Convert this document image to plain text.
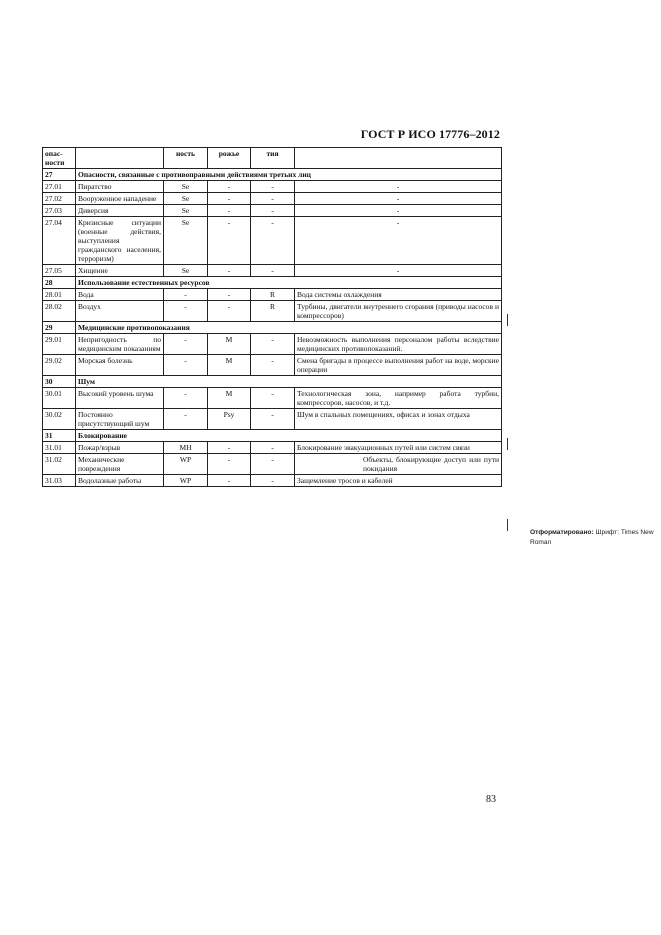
ГОСТ Р ИСО 17776–2012
опас-
ности		ность	рожье	тия	
27	Опасности, связанные с противоправными действиями третьих лиц				
27.01	Пиратство	Se	-	-	-
27.02	Вооруженное нападение	Se	-	-	-
27.03	Диверсия	Se	-	-	-
27.04	Кризисные ситуации (военные действия, выступления гражданского населения, терроризм)	Se	-	-	-
27.05	Хищение	Se	-	-	-
28	Использование естественных ресурсов				
28.01	Вода	-	-	R	Вода системы охлаждения
28.02	Воздух	-	-	R	Турбины, двигатели внутреннего сгорания (приводы насосов и компрессоров)
29	Медицинские противопоказания				
29.01	Непригодность по медицинским показаниям	-	M	-	Невозможность выполнения персоналом работы вследствие медицинских противопоказаний.
29.02	Морская болезнь	-	M	-	Смена бригады в процессе выполнения работ на воде, морские операции
30	Шум				
30.01	Высокий уровень шума	-	M	-	Технологическая зона, например работа турбин, компрессоров, насосов, и т.д.
30.02	Постоянно присутствующий шум	-	Psy	-	Шум в спальных помещениях, офисах и зонах отдыха
31	Блокирование				
31.01	Пожар/взрыв	MH	-	-	Блокирование эвакуационных путей или систем связи
31.02	Механические повреждения	WP	-	-	Объекты, блокирующие доступ или пути покидания
31.03	Водолазные работы	WP	-	-	Защемление тросов и кабелей
Отформатировано: Шрифт: Times New Roman
83
